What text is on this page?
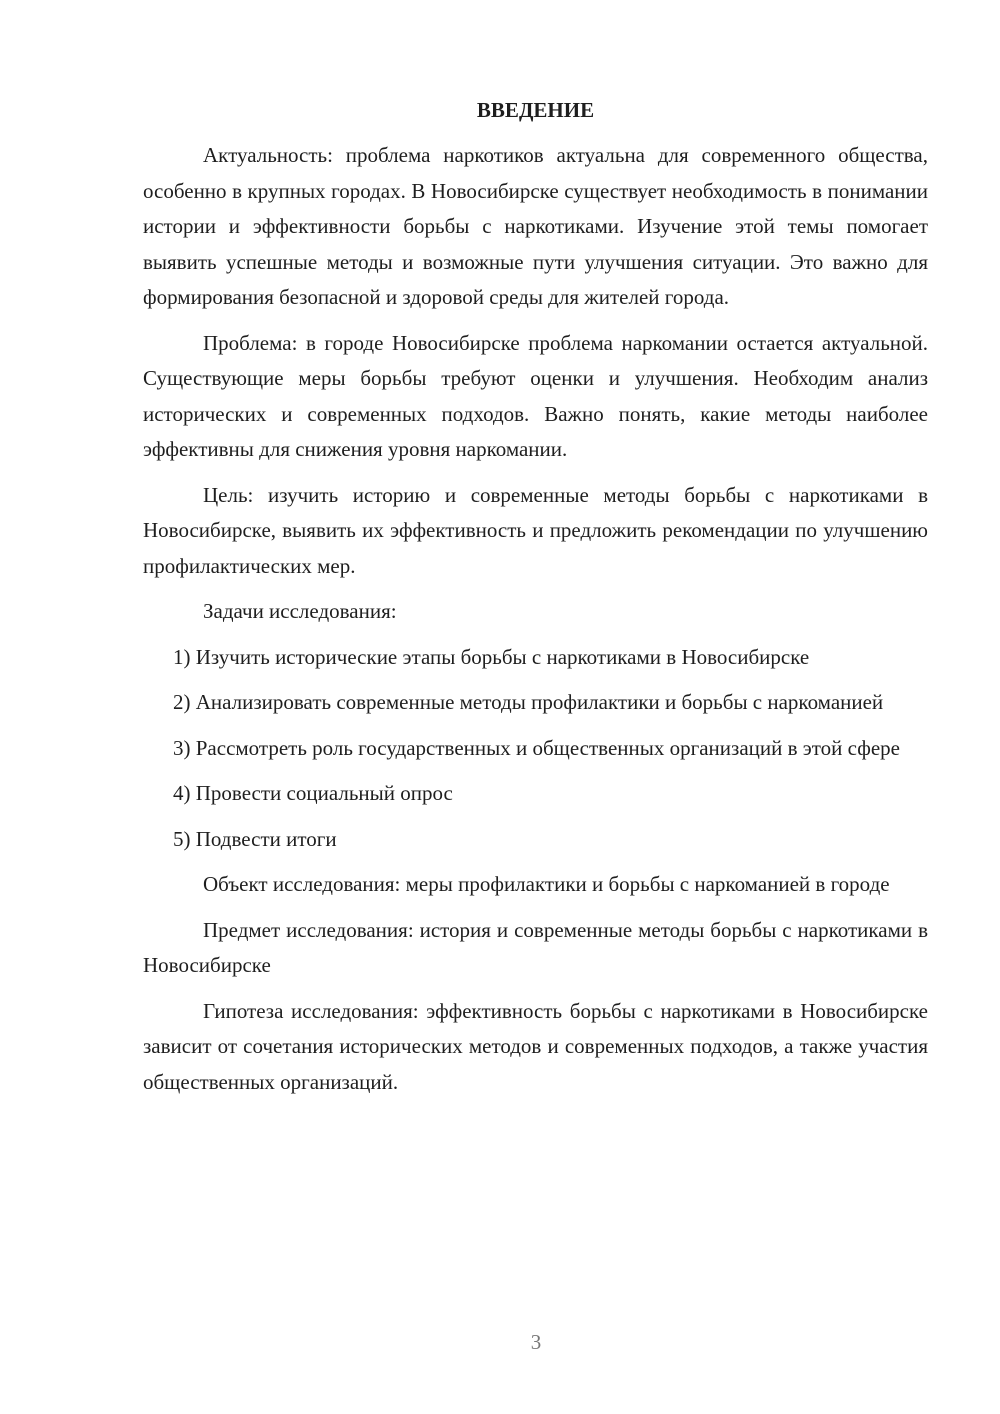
ВВЕДЕНИЕ

Актуальность: проблема наркотиков актуальна для современного общества, особенно в крупных городах. В Новосибирске существует необходимость в понимании истории и эффективности борьбы с наркотиками. Изучение этой темы помогает выявить успешные методы и возможные пути улучшения ситуации. Это важно для формирования безопасной и здоровой среды для жителей города.

Проблема: в городе Новосибирске проблема наркомании остается актуальной. Существующие меры борьбы требуют оценки и улучшения. Необходим анализ исторических и современных подходов. Важно понять, какие методы наиболее эффективны для снижения уровня наркомании.

Цель: изучить историю и современные методы борьбы с наркотиками в Новосибирске, выявить их эффективность и предложить рекомендации по улучшению профилактических мер.

Задачи исследования:

1) Изучить исторические этапы борьбы с наркотиками в Новосибирске

2) Анализировать современные методы профилактики и борьбы с наркоманией

3) Рассмотреть роль государственных и общественных организаций в этой сфере

4) Провести социальный опрос

5) Подвести итоги

Объект исследования: меры профилактики и борьбы с наркоманией в городе

Предмет исследования: история и современные методы борьбы с наркотиками в Новосибирске

Гипотеза исследования: эффективность борьбы с наркотиками в Новосибирске зависит от сочетания исторических методов и современных подходов, а также участия общественных организаций.

3
